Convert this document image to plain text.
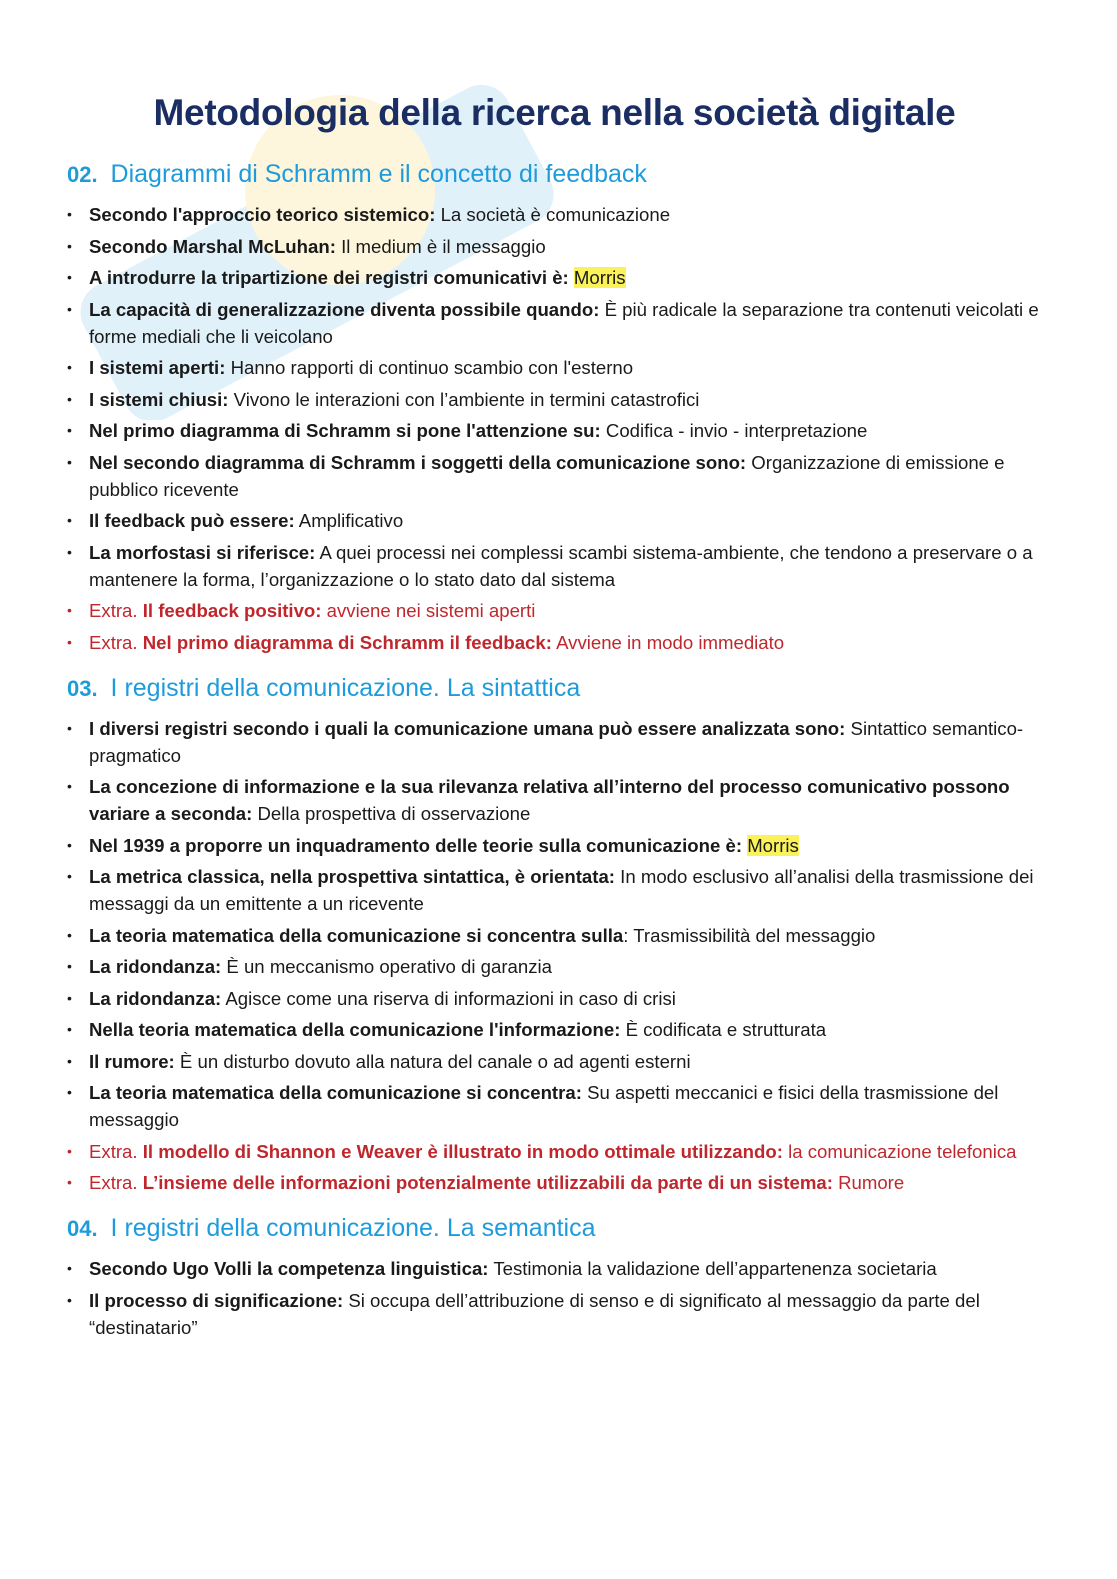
Metodologia della ricerca nella società digitale
02. Diagrammi di Schramm e il concetto di feedback
• Secondo l'approccio teorico sistemico: La società è comunicazione
• Secondo Marshal McLuhan: Il medium è il messaggio
• A introdurre la tripartizione dei registri comunicativi è: Morris
• La capacità di generalizzazione diventa possibile quando: È più radicale la separazione tra contenuti veicolati e forme mediali che li veicolano
• I sistemi aperti: Hanno rapporti di continuo scambio con l'esterno
• I sistemi chiusi: Vivono le interazioni con l’ambiente in termini catastrofici
• Nel primo diagramma di Schramm si pone l'attenzione su: Codifica - invio - interpretazione
• Nel secondo diagramma di Schramm i soggetti della comunicazione sono: Organizzazione di emissione e pubblico ricevente
• Il feedback può essere: Amplificativo
• La morfostasi si riferisce: A quei processi nei complessi scambi sistema-ambiente, che tendono a preservare o a mantenere la forma, l’organizzazione o lo stato dato dal sistema
• Extra. Il feedback positivo: avviene nei sistemi aperti
• Extra. Nel primo diagramma di Schramm il feedback: Avviene in modo immediato
03. I registri della comunicazione. La sintattica
• I diversi registri secondo i quali la comunicazione umana può essere analizzata sono: Sintattico semantico-pragmatico
• La concezione di informazione e la sua rilevanza relativa all’interno del processo comunicativo possono variare a seconda: Della prospettiva di osservazione
• Nel 1939 a proporre un inquadramento delle teorie sulla comunicazione è: Morris
• La metrica classica, nella prospettiva sintattica, è orientata: In modo esclusivo all’analisi della trasmissione dei messaggi da un emittente a un ricevente
• La teoria matematica della comunicazione si concentra sulla: Trasmissibilità del messaggio
• La ridondanza: È un meccanismo operativo di garanzia
• La ridondanza: Agisce come una riserva di informazioni in caso di crisi
• Nella teoria matematica della comunicazione l'informazione: È codificata e strutturata
• Il rumore: È un disturbo dovuto alla natura del canale o ad agenti esterni
• La teoria matematica della comunicazione si concentra: Su aspetti meccanici e fisici della trasmissione del messaggio
• Extra. Il modello di Shannon e Weaver è illustrato in modo ottimale utilizzando: la comunicazione telefonica
• Extra. L’insieme delle informazioni potenzialmente utilizzabili da parte di un sistema: Rumore
04. I registri della comunicazione. La semantica
• Secondo Ugo Volli la competenza linguistica: Testimonia la validazione dell’appartenenza societaria
• Il processo di significazione: Si occupa dell’attribuzione di senso e di significato al messaggio da parte del “destinatario”
